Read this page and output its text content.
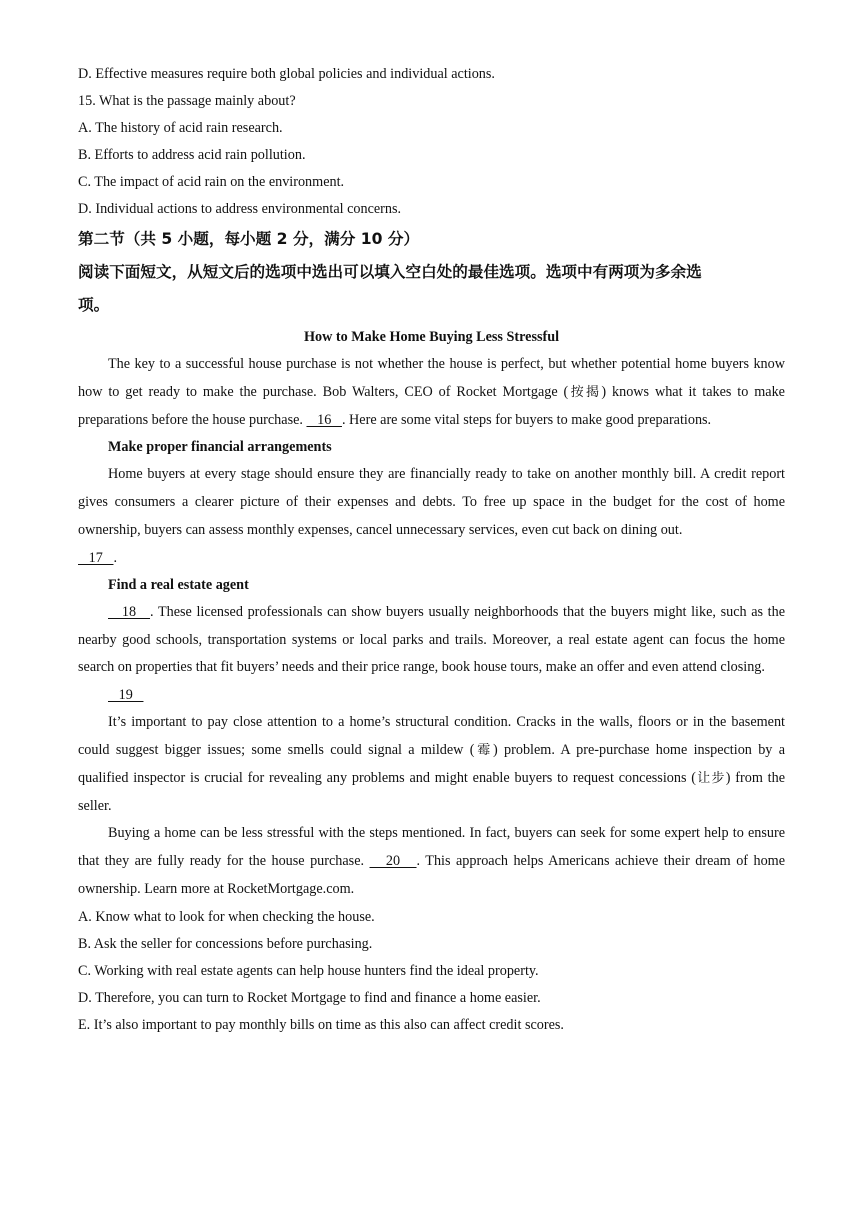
D. Effective measures require both global policies and individual actions.
15. What is the passage mainly about?
A. The history of acid rain research.
B. Efforts to address acid rain pollution.
C. The impact of acid rain on the environment.
D. Individual actions to address environmental concerns.
第二节（共 5 小题，每小题 2 分，满分 10 分）
阅读下面短文，从短文后的选项中选出可以填入空白处的最佳选项。选项中有两项为多余选
项。
How to Make Home Buying Less Stressful

The key to a successful house purchase is not whether the house is perfect, but whether potential home buyers know how to get ready to make the purchase. Bob Walters, CEO of Rocket Mortgage (按揭) knows what it takes to make preparations before the house purchase.    16   . Here are some vital steps for buyers to make good preparations.

Make proper financial arrangements

Home buyers at every stage should ensure they are financially ready to take on another monthly bill. A credit report gives consumers a clearer picture of their expenses and debts. To free up space in the budget for the cost of home ownership, buyers can assess monthly expenses, cancel unnecessary services, even cut back on dining out.

17   .
Find a real estate agent

18   . These licensed professionals can show buyers usually neighborhoods that the buyers might like, such as the nearby good schools, transportation systems or local parks and trails. Moreover, a real estate agent can focus the home search on properties that fit buyers’ needs and their price range, book house tours, make an offer and even attend closing.

19

It’s important to pay close attention to a home’s structural condition. Cracks in the walls, floors or in the basement could suggest bigger issues; some smells could signal a mildew (霉) problem. A pre-purchase home inspection by a qualified inspector is crucial for revealing any problems and might enable buyers to request concessions (让步) from the seller.

Buying a home can be less stressful with the steps mentioned. In fact, buyers can seek for some expert help to ensure that they are fully ready for the house purchase.    20   . This approach helps Americans achieve their dream of home ownership. Learn more at RocketMortgage.com.

A. Know what to look for when checking the house.
B. Ask the seller for concessions before purchasing.
C. Working with real estate agents can help house hunters find the ideal property.
D. Therefore, you can turn to Rocket Mortgage to find and finance a home easier.
E. It’s also important to pay monthly bills on time as this also can affect credit scores.
